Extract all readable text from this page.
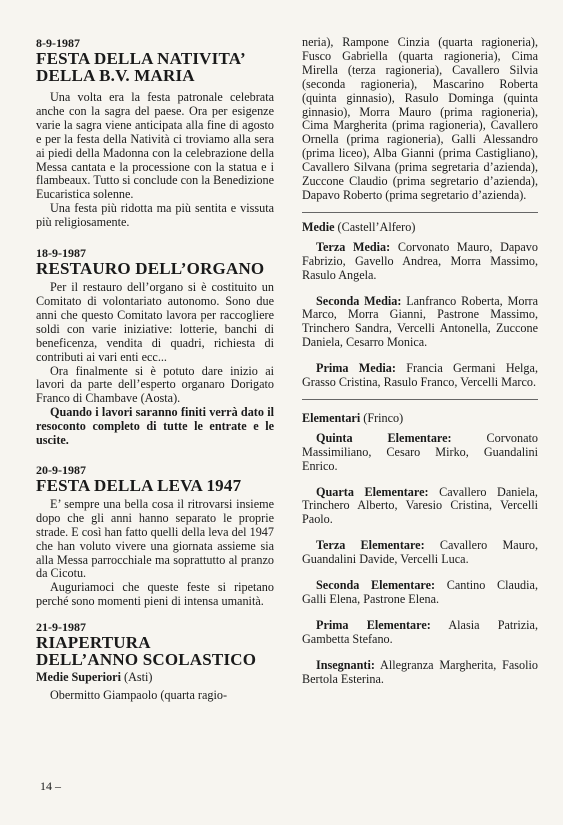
8-9-1987
FESTA DELLA NATIVITA’
DELLA B.V. MARIA

Una volta era la festa patronale celebrata anche con la sagra del paese. Ora per esigenze varie la sagra viene anticipata alla fine di agosto e per la festa della Natività ci troviamo alla sera ai piedi della Madonna con la celebrazione della Messa cantata e la processione con la statua e i flambeaux. Tutto si conclude con la Benedizione Eucaristica solenne.

Una festa più ridotta ma più sentita e vissuta più religiosamente.

18-9-1987
RESTAURO DELL’ORGANO

Per il restauro dell’organo si è costituito un Comitato di volontariato autonomo. Sono due anni che questo Comitato lavora per raccogliere soldi con varie iniziative: lotterie, banchi di beneficenza, vendita di quadri, richiesta di contributi ai vari enti ecc...

Ora finalmente si è potuto dare inizio ai lavori da parte dell’esperto organaro Dorigato Franco di Chambave (Aosta).

Quando i lavori saranno finiti verrà dato il resoconto completo di tutte le entrate e le uscite.

20-9-1987
FESTA DELLA LEVA 1947

E’ sempre una bella cosa il ritrovarsi insieme dopo che gli anni hanno separato le proprie strade. E così han fatto quelli della leva del 1947 che han voluto vivere una giornata assieme sia alla Messa parrocchiale ma soprattutto al pranzo da Cicotu.

Auguriamoci che queste feste si ripetano perché sono momenti pieni di intensa umanità.

21-9-1987
RIAPERTURA
DELL’ANNO SCOLASTICO
Medie Superiori (Asti)

Obermitto Giampaolo (quarta ragio-

neria), Rampone Cinzia (quarta ragioneria), Fusco Gabriella (quarta ragioneria), Cima Mirella (terza ragioneria), Cavallero Silvia (seconda ragioneria), Mascarino Roberta (quinta ginnasio), Rasulo Dominga (quinta ginnasio), Morra Mauro (prima ragioneria), Cima Margherita (prima ragioneria), Cavallero Ornella (prima ragioneria), Galli Alessandro (prima liceo), Alba Gianni (prima Castigliano), Cavallero Silvana (prima segretaria d’azienda), Zuccone Claudio (prima segretario d’azienda), Dapavo Roberto (prima segretario d’azienda).

Medie (Castell’Alfero)

Terza Media: Corvonato Mauro, Dapavo Fabrizio, Gavello Andrea, Morra Massimo, Rasulo Angela.

Seconda Media: Lanfranco Roberta, Morra Marco, Morra Gianni, Pastrone Massimo, Trinchero Sandra, Vercelli Antonella, Zuccone Daniela, Cesarro Monica.

Prima Media: Francia Germani Helga, Grasso Cristina, Rasulo Franco, Vercelli Marco.

Elementari (Frinco)

Quinta Elementare: Corvonato Massimiliano, Cesaro Mirko, Guandalini Enrico.

Quarta Elementare: Cavallero Daniela, Trinchero Alberto, Varesio Cristina, Vercelli Paolo.

Terza Elementare: Cavallero Mauro, Guandalini Davide, Vercelli Luca.

Seconda Elementare: Cantino Claudia, Galli Elena, Pastrone Elena.

Prima Elementare: Alasia Patrizia, Gambetta Stefano.

Insegnanti: Allegranza Margherita, Fasolio Bertola Esterina.

14 –
